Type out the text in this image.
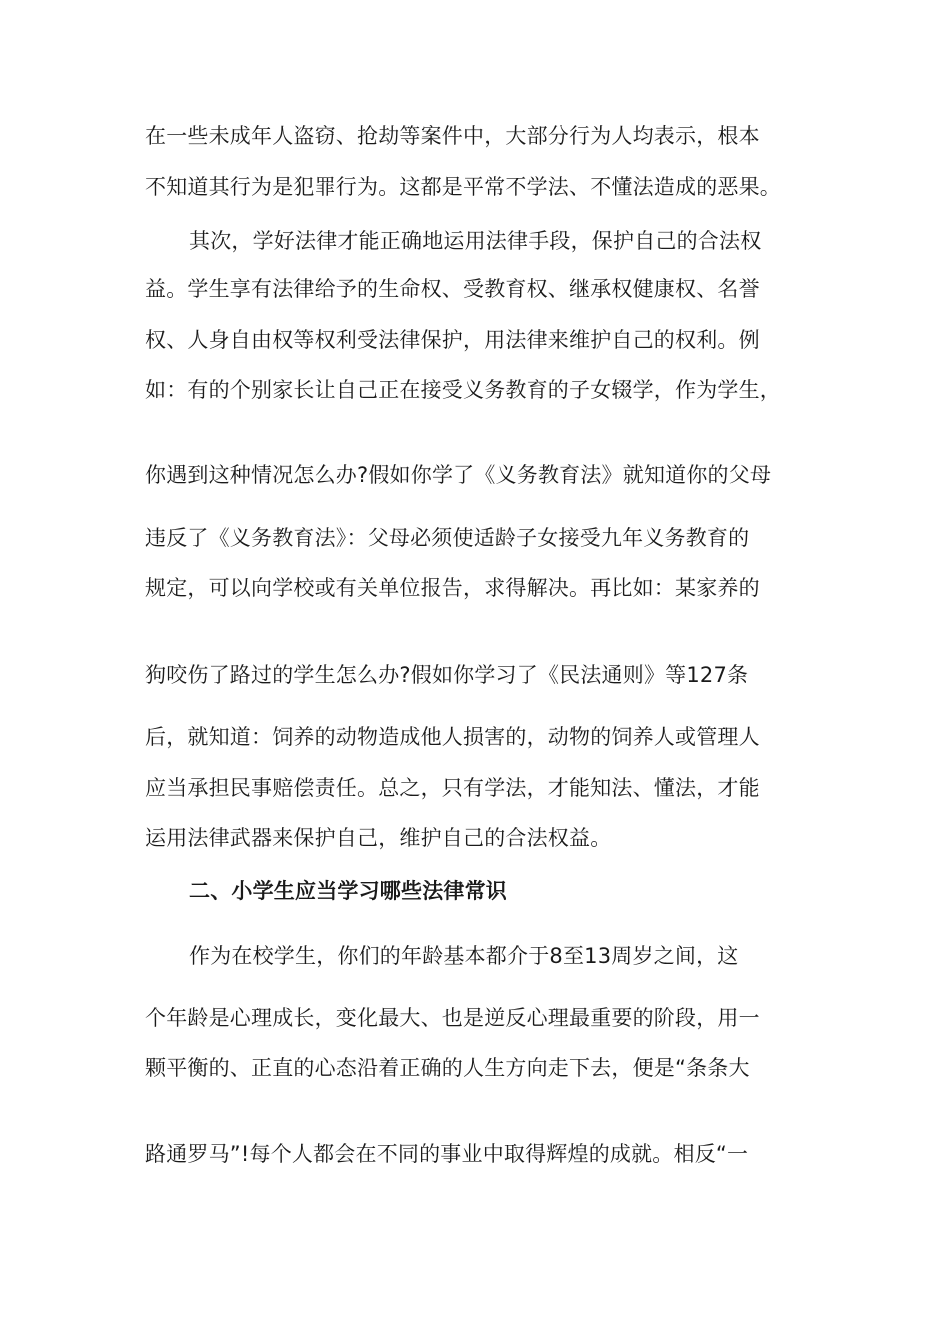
在一些未成年人盗窃、抢劫等案件中，大部分行为人均表示，根本
不知道其行为是犯罪行为。这都是平常不学法、不懂法造成的恶果。
其次，学好法律才能正确地运用法律手段，保护自己的合法权
益。学生享有法律给予的生命权、受教育权、继承权健康权、名誉
权、人身自由权等权利受法律保护，用法律来维护自己的权利。例
如：有的个别家长让自己正在接受义务教育的子女辍学，作为学生，
你遇到这种情况怎么办?假如你学了《义务教育法》就知道你的父母
违反了《义务教育法》：父母必须使适龄子女接受九年义务教育的
规定，可以向学校或有关单位报告，求得解决。再比如：某家养的
狗咬伤了路过的学生怎么办?假如你学习了《民法通则》等127条
后，就知道：饲养的动物造成他人损害的，动物的饲养人或管理人
应当承担民事赔偿责任。总之，只有学法，才能知法、懂法，才能
运用法律武器来保护自己，维护自己的合法权益。
二、小学生应当学习哪些法律常识
作为在校学生，你们的年龄基本都介于8至13周岁之间，这
个年龄是心理成长，变化最大、也是逆反心理最重要的阶段，用一
颗平衡的、正直的心态沿着正确的人生方向走下去，便是“条条大
路通罗马”!每个人都会在不同的事业中取得辉煌的成就。相反“一
